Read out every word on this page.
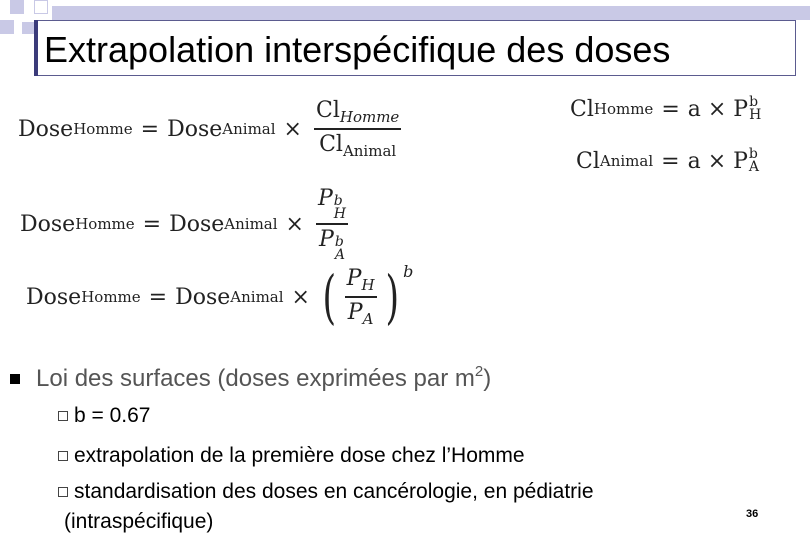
Extrapolation interspécifique des doses
Dose Homme = Dose Animal × $\frac{Cl_{Homme}}{Cl_{Animal}}$	Cl Homme = a × P b
H
Cl Animal = a × P b
A
Dose Homme = Dose Animal × P b
H
P b
A
Dose Homme = Dose Animal × ( $\frac{P_H}{P_A}$ ) b
Loi des surfaces (doses exprimées par m 2 )
b = 0.67
extrapolation de la première dose chez l’Homme
standardisation des doses en cancérologie, en pédiatrie
(intraspécifique)	36
